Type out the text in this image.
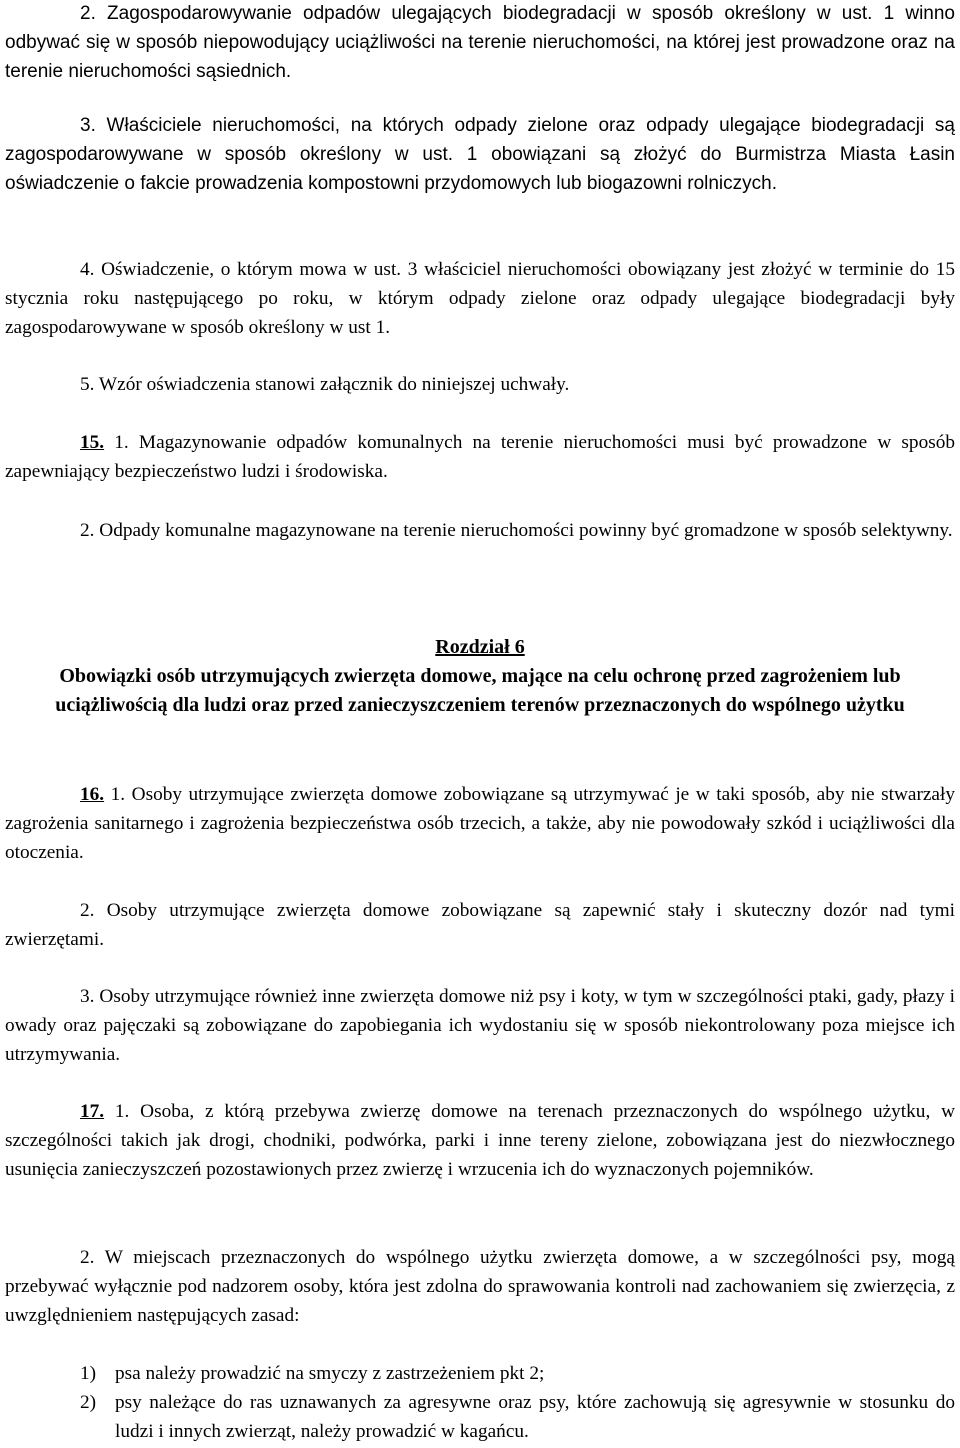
2. Zagospodarowywanie odpadów ulegających biodegradacji w sposób określony w ust. 1 winno odbywać się w sposób niepowodujący uciążliwości na terenie nieruchomości, na której jest prowadzone oraz na terenie nieruchomości sąsiednich.

3. Właściciele nieruchomości, na których odpady zielone oraz odpady ulegające biodegradacji są zagospodarowywane w sposób określony w ust. 1 obowiązani są złożyć do Burmistrza Miasta Łasin oświadczenie o fakcie prowadzenia kompostowni przydomowych lub biogazowni rolniczych.

4. Oświadczenie, o którym mowa w ust. 3 właściciel nieruchomości obowiązany jest złożyć w terminie do 15 stycznia roku następującego po roku, w którym odpady zielone oraz odpady ulegające biodegradacji były zagospodarowywane w sposób określony w ust 1.

5. Wzór oświadczenia stanowi załącznik do niniejszej uchwały.

15. 1. Magazynowanie odpadów komunalnych na terenie nieruchomości musi być prowadzone w sposób zapewniający bezpieczeństwo ludzi i środowiska.

2. Odpady komunalne magazynowane na terenie nieruchomości powinny być gromadzone w sposób selektywny.

Rozdział 6
Obowiązki osób utrzymujących zwierzęta domowe, mające na celu ochronę przed zagrożeniem lub uciążliwością dla ludzi oraz przed zanieczyszczeniem terenów przeznaczonych do wspólnego użytku

16. 1. Osoby utrzymujące zwierzęta domowe zobowiązane są utrzymywać je w taki sposób, aby nie stwarzały zagrożenia sanitarnego i zagrożenia bezpieczeństwa osób trzecich, a także, aby nie powodowały szkód i uciążliwości dla otoczenia.

2. Osoby utrzymujące zwierzęta domowe zobowiązane są zapewnić stały i skuteczny dozór nad tymi zwierzętami.

3. Osoby utrzymujące również inne zwierzęta domowe niż psy i koty, w tym w szczególności ptaki, gady, płazy i owady oraz pajęczaki są zobowiązane do zapobiegania ich wydostaniu się w sposób niekontrolowany poza miejsce ich utrzymywania.

17. 1. Osoba, z którą przebywa zwierzę domowe na terenach przeznaczonych do wspólnego użytku, w szczególności takich jak drogi, chodniki, podwórka, parki i inne tereny zielone, zobowiązana jest do niezwłocznego usunięcia zanieczyszczeń pozostawionych przez zwierzę i wrzucenia ich do wyznaczonych pojemników.

2. W miejscach przeznaczonych do wspólnego użytku zwierzęta domowe, a w szczególności psy, mogą przebywać wyłącznie pod nadzorem osoby, która jest zdolna do sprawowania kontroli nad zachowaniem się zwierzęcia, z uwzględnieniem następujących zasad:

1) psa należy prowadzić na smyczy z zastrzeżeniem pkt 2;
2) psy należące do ras uznawanych za agresywne oraz psy, które zachowują się agresywnie w stosunku do ludzi i innych zwierząt, należy prowadzić w kagańcu.
